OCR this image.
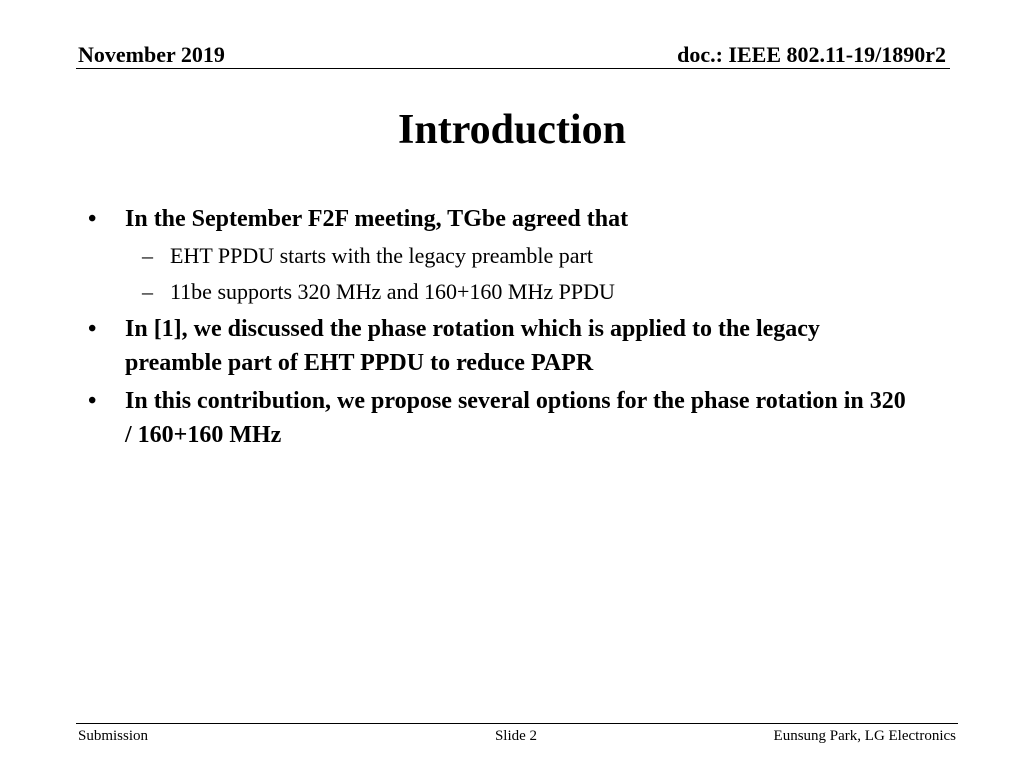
November 2019	doc.: IEEE 802.11-19/1890r2
Introduction
• In the September F2F meeting, TGbe agreed that
– EHT PPDU starts with the legacy preamble part
– 11be supports 320 MHz and 160+160 MHz PPDU
• In [1], we discussed the phase rotation which is applied to the legacy preamble part of EHT PPDU to reduce PAPR
• In this contribution, we propose several options for the phase rotation in 320 / 160+160 MHz
Submission	Slide 2	Eunsung Park, LG Electronics
